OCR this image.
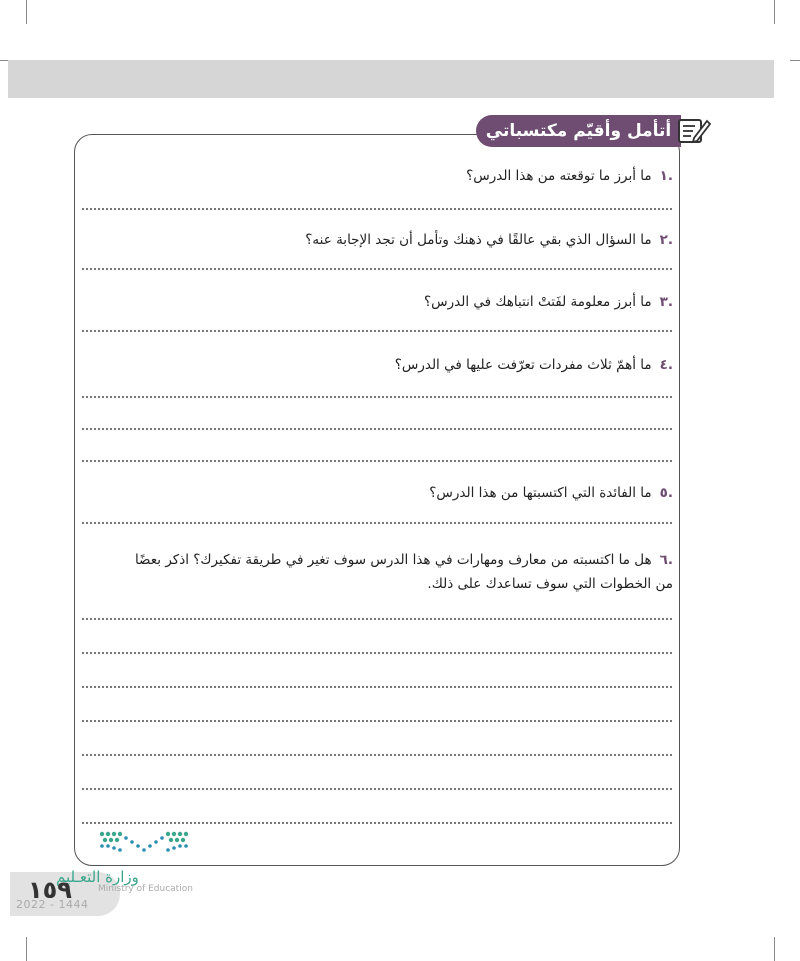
أتأمل وأقيّم مكتسباتي
.١ما أبرز ما توقعته من هذا الدرس؟
.٢ما السؤال الذي بقي عالقًا في ذهنك وتأمل أن تجد الإجابة عنه؟
.٣ما أبرز معلومة لفَتتْ انتباهك في الدرس؟
.٤ما أهمّ ثلاث مفردات تعرّفت عليها في الدرس؟
.٥ما الفائدة التي اكتسبتها من هذا الدرس؟
.٦هل ما اكتسبته من معارف ومهارات في هذا الدرس سوف تغير في طريقة تفكيرك؟ اذكر بعضًا من الخطوات التي سوف تساعدك على ذلك.
وزارة التعـليم
Ministry of Education
١٥٩
2022 - 1444
